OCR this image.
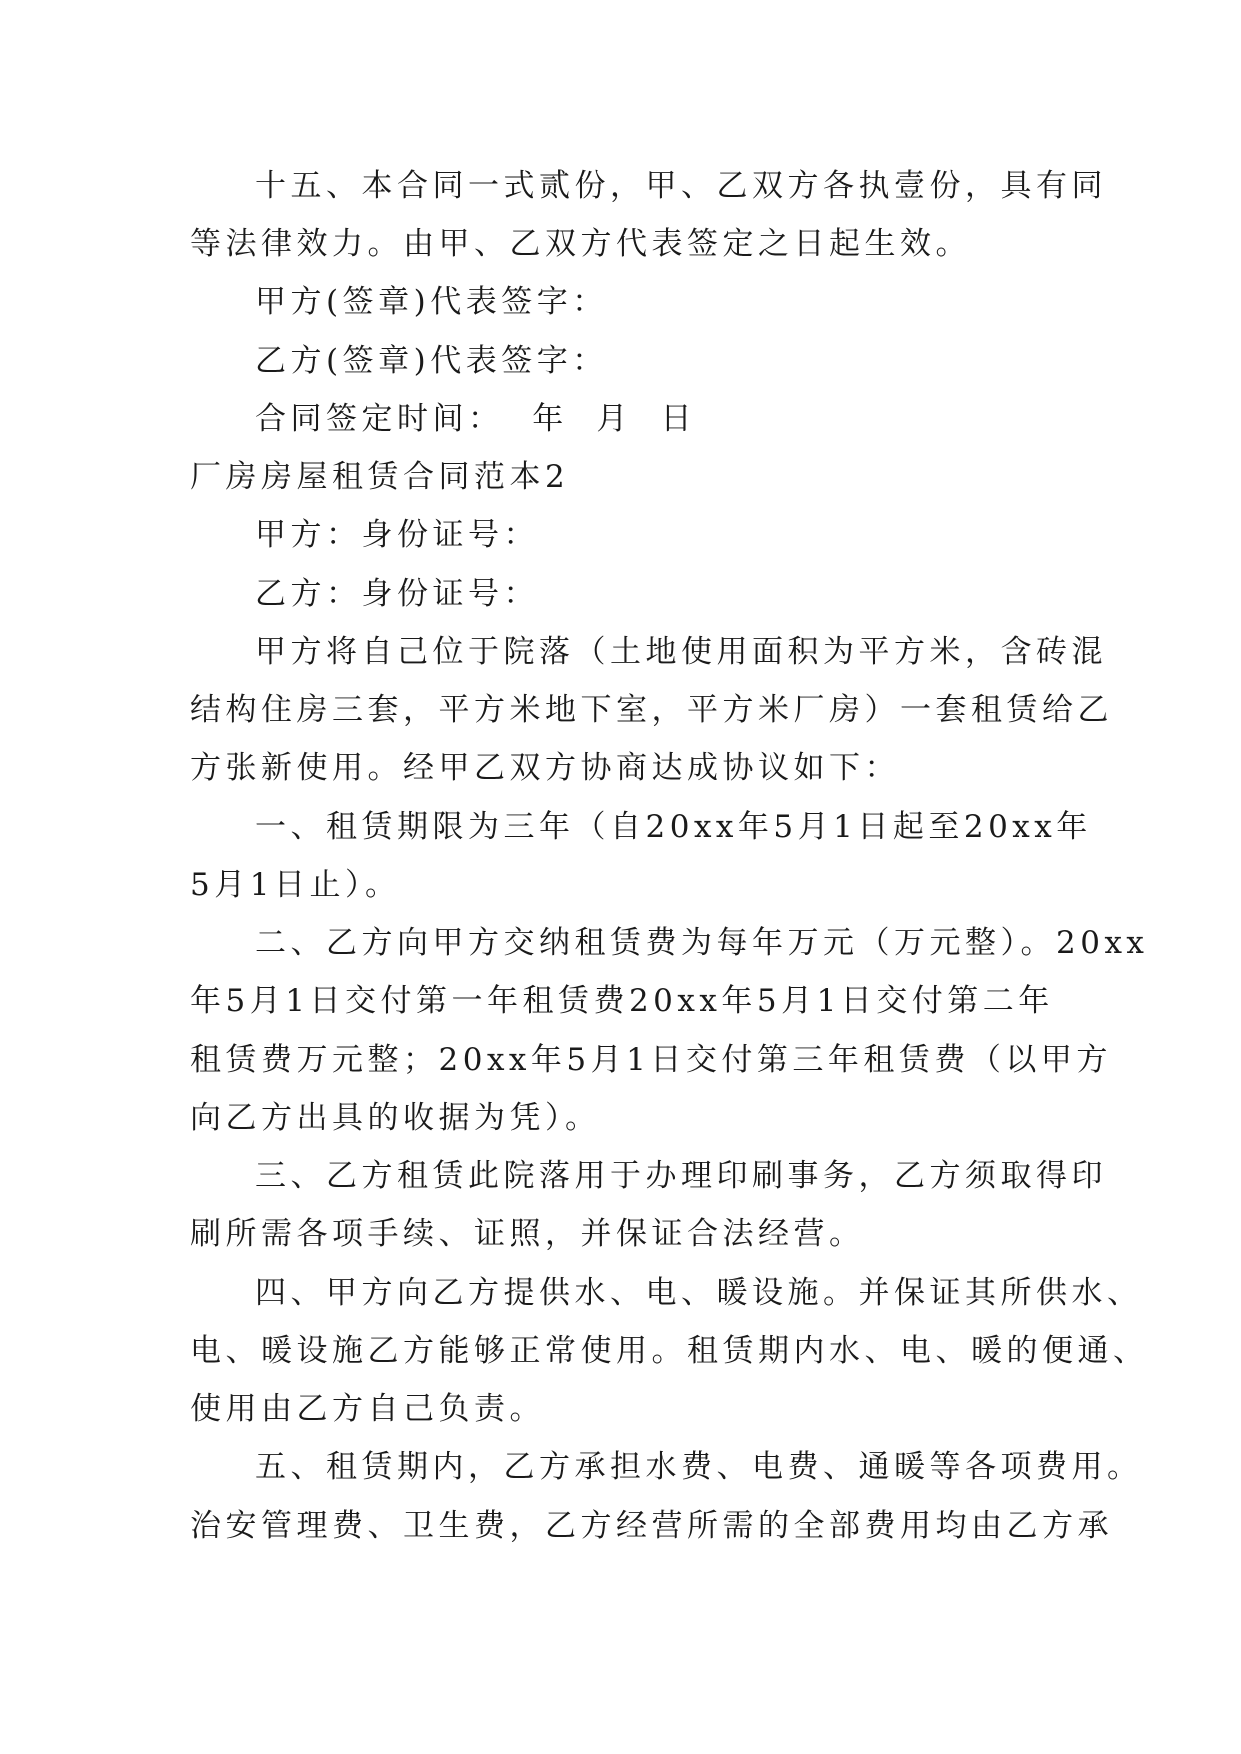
十五、本合同一式贰份，甲、乙双方各执壹份，具有同
等法律效力。由甲、乙双方代表签定之日起生效。
甲方(签章)代表签字：
乙方(签章)代表签字：
合同签定时间：  年  月  日
厂房房屋租赁合同范本2
甲方：身份证号：
乙方：身份证号：
甲方将自己位于院落（土地使用面积为平方米，含砖混
结构住房三套，平方米地下室，平方米厂房）一套租赁给乙
方张新使用。经甲乙双方协商达成协议如下：
一、租赁期限为三年（自20xx年5月1日起至20xx年
5月1日止）。
二、乙方向甲方交纳租赁费为每年万元（万元整）。20xx
年5月1日交付第一年租赁费20xx年5月1日交付第二年
租赁费万元整；20xx年5月1日交付第三年租赁费（以甲方
向乙方出具的收据为凭）。
三、乙方租赁此院落用于办理印刷事务，乙方须取得印
刷所需各项手续、证照，并保证合法经营。
四、甲方向乙方提供水、电、暖设施。并保证其所供水、
电、暖设施乙方能够正常使用。租赁期内水、电、暖的便通、
使用由乙方自己负责。
五、租赁期内，乙方承担水费、电费、通暖等各项费用。
治安管理费、卫生费，乙方经营所需的全部费用均由乙方承
